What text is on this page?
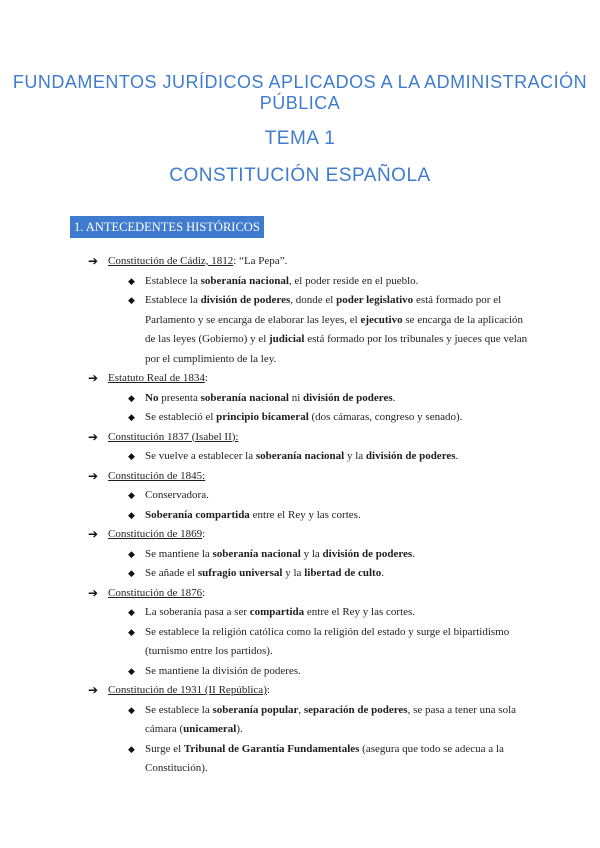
FUNDAMENTOS JURÍDICOS APLICADOS A LA ADMINISTRACIÓN PÚBLICA
TEMA 1
CONSTITUCIÓN ESPAÑOLA
1. ANTECEDENTES HISTÓRICOS
➔ Constitución de Cádiz, 1812: “La Pepa”.
◆ Establece la soberanía nacional, el poder reside en el pueblo.
◆ Establece la división de poderes, donde el poder legislativo está formado por el Parlamento y se encarga de elaborar las leyes, el ejecutivo se encarga de la aplicación de las leyes (Gobierno) y el judicial está formado por los tribunales y jueces que velan por el cumplimiento de la ley.
➔ Estatuto Real de 1834:
◆ No presenta soberanía nacional ni división de poderes.
◆ Se estableció el principio bicameral (dos cámaras, congreso y senado).
➔ Constitución 1837 (Isabel II):
◆ Se vuelve a establecer la soberanía nacional y la división de poderes.
➔ Constitución de 1845:
◆ Conservadora.
◆ Soberanía compartida entre el Rey y las cortes.
➔ Constitución de 1869:
◆ Se mantiene la soberanía nacional y la división de poderes.
◆ Se añade el sufragio universal y la libertad de culto.
➔ Constitución de 1876:
◆ La soberanía pasa a ser compartida entre el Rey y las cortes.
◆ Se establece la religión católica como la religión del estado y surge el bipartidismo (turnismo entre los partidos).
◆ Se mantiene la división de poderes.
➔ Constitución de 1931 (II República):
◆ Se establece la soberanía popular, separación de poderes, se pasa a tener una sola cámara (unicameral).
◆ Surge el Tribunal de Garantía Fundamentales (asegura que todo se adecua a la Constitución).
